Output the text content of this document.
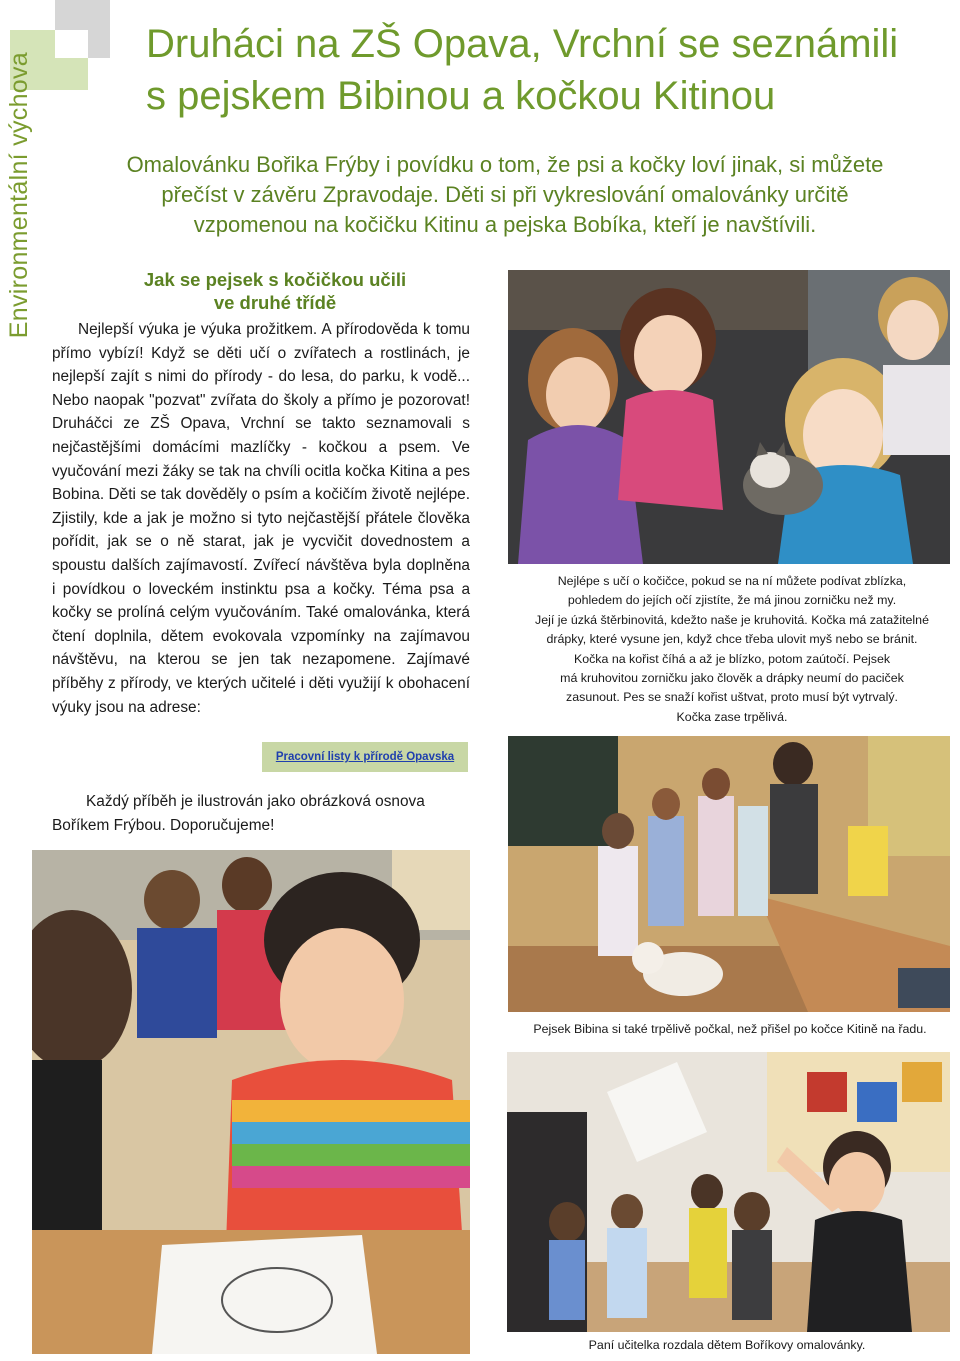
Environmentální výchova
Druháci na ZŠ Opava, Vrchní se seznámili
s pejskem Bibinou a kočkou Kitinou
Omalovánku Bořika Frýby i povídku o tom, že psi a kočky loví jinak, si můžete
přečíst v závěru Zpravodaje. Děti si při vykreslování omalovánky určitě
vzpomenou na kočičku Kitinu a pejska Bobíka, kteří je navštívili.
Jak se pejsek s kočičkou učili
ve druhé třídě

Nejlepší výuka je výuka prožitkem. A přírodověda k tomu přímo vybízí! Když se děti učí o zvířatech a rostlinách, je nejlepší zajít s nimi do přírody - do lesa, do parku, k vodě... Nebo naopak "pozvat" zvířata do školy a přímo je pozorovat! Druháčci ze ZŠ Opava, Vrchní se takto seznamovali s nejčastějšími domácími mazlíčky - kočkou a psem. Ve vyučování mezi žáky se tak na chvíli ocitla kočka Kitina a pes Bobina. Děti se tak dověděly o psím a kočičím životě nejlépe. Zjistily, kde a jak je možno si tyto nejčastější přátele člověka pořídit, jak se o ně starat, jak je vycvičit dovednostem a spoustu dalších zajímavostí. Zvířecí návštěva byla doplněna i povídkou o loveckém instinktu psa a kočky. Téma psa a kočky se prolíná celým vyučováním. Také omalovánka, která čtení doplnila, dětem evokovala vzpomínky na zajímavou návštěvu, na kterou se jen tak nezapomene. Zajímavé příběhy z přírody, ve kterých učitelé i děti využijí k obohacení výuky jsou na adrese:

Pracovní listy k přírodě Opavska
Každý příběh je ilustrován jako obrázková osnova
Boříkem Frýbou. Doporučujeme!
Nejlépe s učí o kočičce, pokud se na ní můžete podívat zblízka,
pohledem do jejích očí zjistíte, že má jinou zorničku než my.
Její je úzká štěrbinovitá, kdežto naše je kruhovitá. Kočka má zatažitelné
drápky, které vysune jen, když chce třeba ulovit myš nebo se bránit.
Kočka na kořist číhá a až je blízko, potom zaútočí. Pejsek
má kruhovitou zorničku jako člověk a drápky neumí do paciček
zasunout. Pes se snaží kořist uštvat, proto musí být vytrvalý.
Kočka zase trpělivá.
Pejsek Bibina si také trpělivě počkal, než přišel po kočce Kitině na řadu.
Paní učitelka rozdala dětem Boříkovy omalovánky.
